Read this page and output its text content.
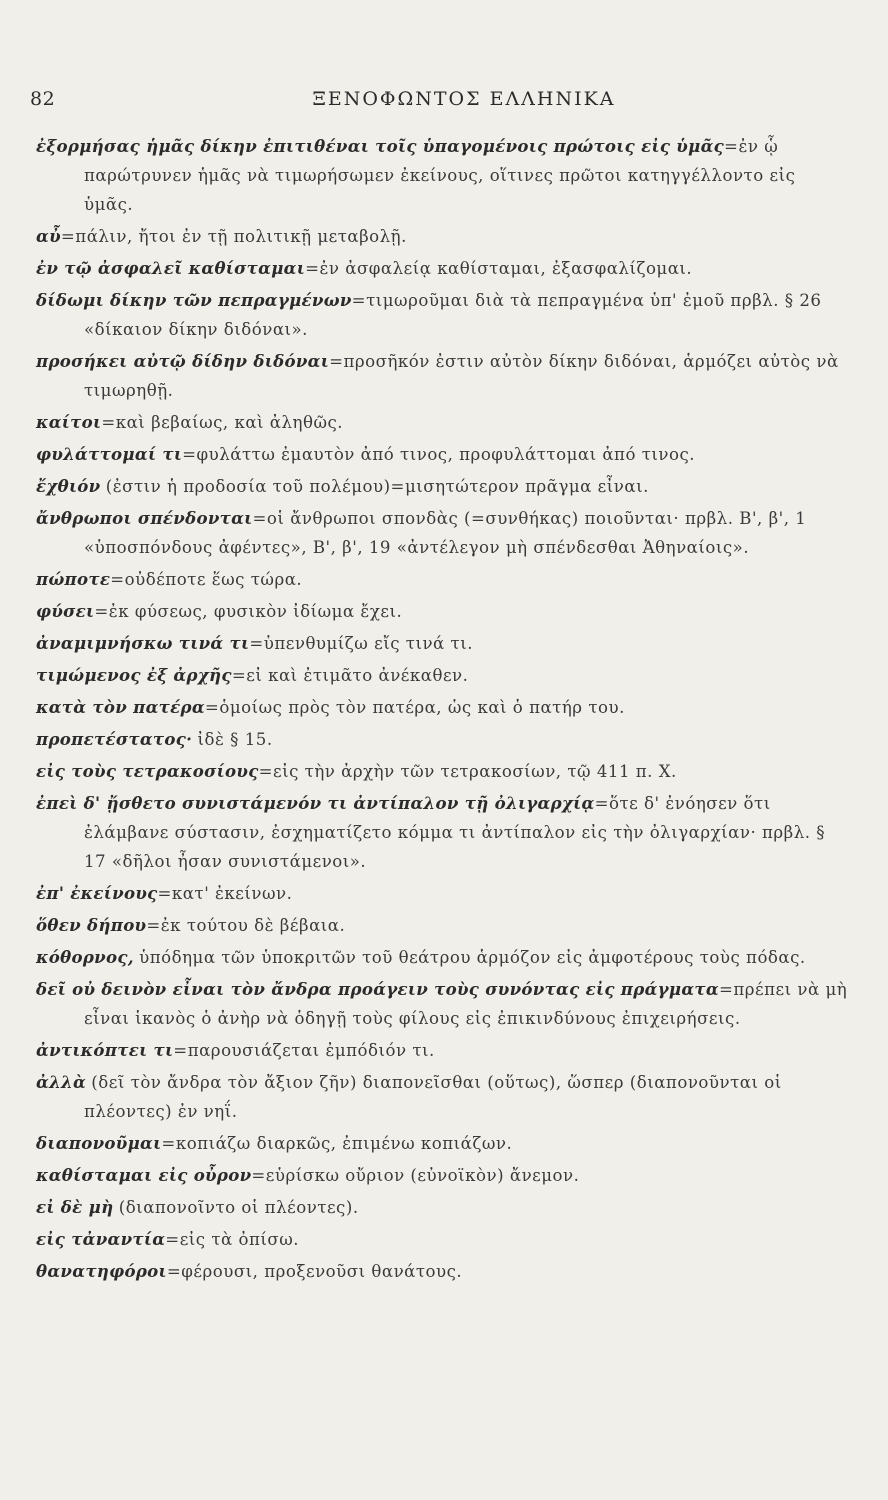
82	ΞΕΝΟΦΩΝΤΟΣ ΕΛΛΗΝΙΚΑ

ἐξορμήσας ἡμᾶς δίκην ἐπιτιθέναι τοῖς ὑπαγομένοις πρώτοις εἰς ὑμᾶς=ἐν ᾧ παρώτρυνεν ἡμᾶς νὰ τιμωρήσωμεν ἐκείνους, οἵτινες πρῶτοι κατηγγέλλοντο εἰς ὑμᾶς.

αὖ=πάλιν, ἤτοι ἐν τῇ πολιτικῇ μεταβολῇ.

ἐν τῷ ἀσφαλεῖ καθίσταμαι=ἐν ἀσφαλείᾳ καθίσταμαι, ἐξασφαλίζομαι.

δίδωμι δίκην τῶν πεπραγμένων=τιμωροῦμαι διὰ τὰ πεπραγμένα ὑπ' ἐμοῦ πρβλ. § 26 «δίκαιον δίκην διδόναι».

προσήκει αὐτῷ δίδην διδόναι=προσῆκόν ἐστιν αὐτὸν δίκην διδόναι, ἁρμόζει αὐτὸς νὰ τιμωρηθῇ.

καίτοι=καὶ βεβαίως, καὶ ἀληθῶς.

φυλάττομαί τι=φυλάττω ἐμαυτὸν ἀπό τινος, προφυλάττομαι ἀπό τινος.

ἔχθιόν (ἐστιν ἡ προδοσία τοῦ πολέμου)=μισητώτερον πρᾶγμα εἶναι.

ἄνθρωποι σπένδονται=οἱ ἄνθρωποι σπονδὰς (=συνθήκας) ποιοῦνται· πρβλ. Β', β', 1 «ὑποσπόνδους ἀφέντες», Β', β', 19 «ἀντέλεγον μὴ σπένδεσθαι Ἀθηναίοις».

πώποτε=οὐδέποτε ἕως τώρα.

φύσει=ἐκ φύσεως, φυσικὸν ἰδίωμα ἔχει.

ἀναμιμνήσκω τινά τι=ὑπενθυμίζω εἴς τινά τι.

τιμώμενος ἐξ ἀρχῆς=εἰ καὶ ἐτιμᾶτο ἀνέκαθεν.

κατὰ τὸν πατέρα=ὁμοίως πρὸς τὸν πατέρα, ὡς καὶ ὁ πατήρ του.

προπετέστατος· ἰδὲ § 15.

εἰς τοὺς τετρακοσίους=εἰς τὴν ἀρχὴν τῶν τετρακοσίων, τῷ 411 π. Χ.

ἐπεὶ δ' ᾔσθετο συνιστάμενόν τι ἀντίπαλον τῇ ὀλιγαρχίᾳ=ὅτε δ' ἐνόησεν ὅτι ἐλάμβανε σύστασιν, ἐσχηματίζετο κόμμα τι ἀντίπαλον εἰς τὴν ὀλιγαρχίαν· πρβλ. § 17 «δῆλοι ἦσαν συνιστάμενοι».

ἐπ' ἐκείνους=κατ' ἐκείνων.

ὅθεν δήπου=ἐκ τούτου δὲ βέβαια.

κόθορνος, ὑπόδημα τῶν ὑποκριτῶν τοῦ θεάτρου ἁρμόζον εἰς ἀμφοτέρους τοὺς πόδας.

δεῖ οὐ δεινὸν εἶναι τὸν ἄνδρα προάγειν τοὺς συνόντας εἰς πράγματα=πρέπει νὰ μὴ εἶναι ἱκανὸς ὁ ἀνὴρ νὰ ὁδηγῇ τοὺς φίλους εἰς ἐπικινδύνους ἐπιχειρήσεις.

ἀντικόπτει τι=παρουσιάζεται ἐμπόδιόν τι.

ἀλλὰ (δεῖ τὸν ἄνδρα τὸν ἄξιον ζῆν) διαπονεῖσθαι (οὕτως), ὥσπερ (διαπονοῦνται οἱ πλέοντες) ἐν νηΐ.

διαπονοῦμαι=κοπιάζω διαρκῶς, ἐπιμένω κοπιάζων.

καθίσταμαι εἰς οὖρον=εὑρίσκω οὔριον (εὐνοϊκὸν) ἄνεμον.

εἰ δὲ μὴ (διαπονοῖντο οἱ πλέοντες).

εἰς τἀναντία=εἰς τὰ ὀπίσω.

θανατηφόροι=φέρουσι, προξενοῦσι θανάτους.
